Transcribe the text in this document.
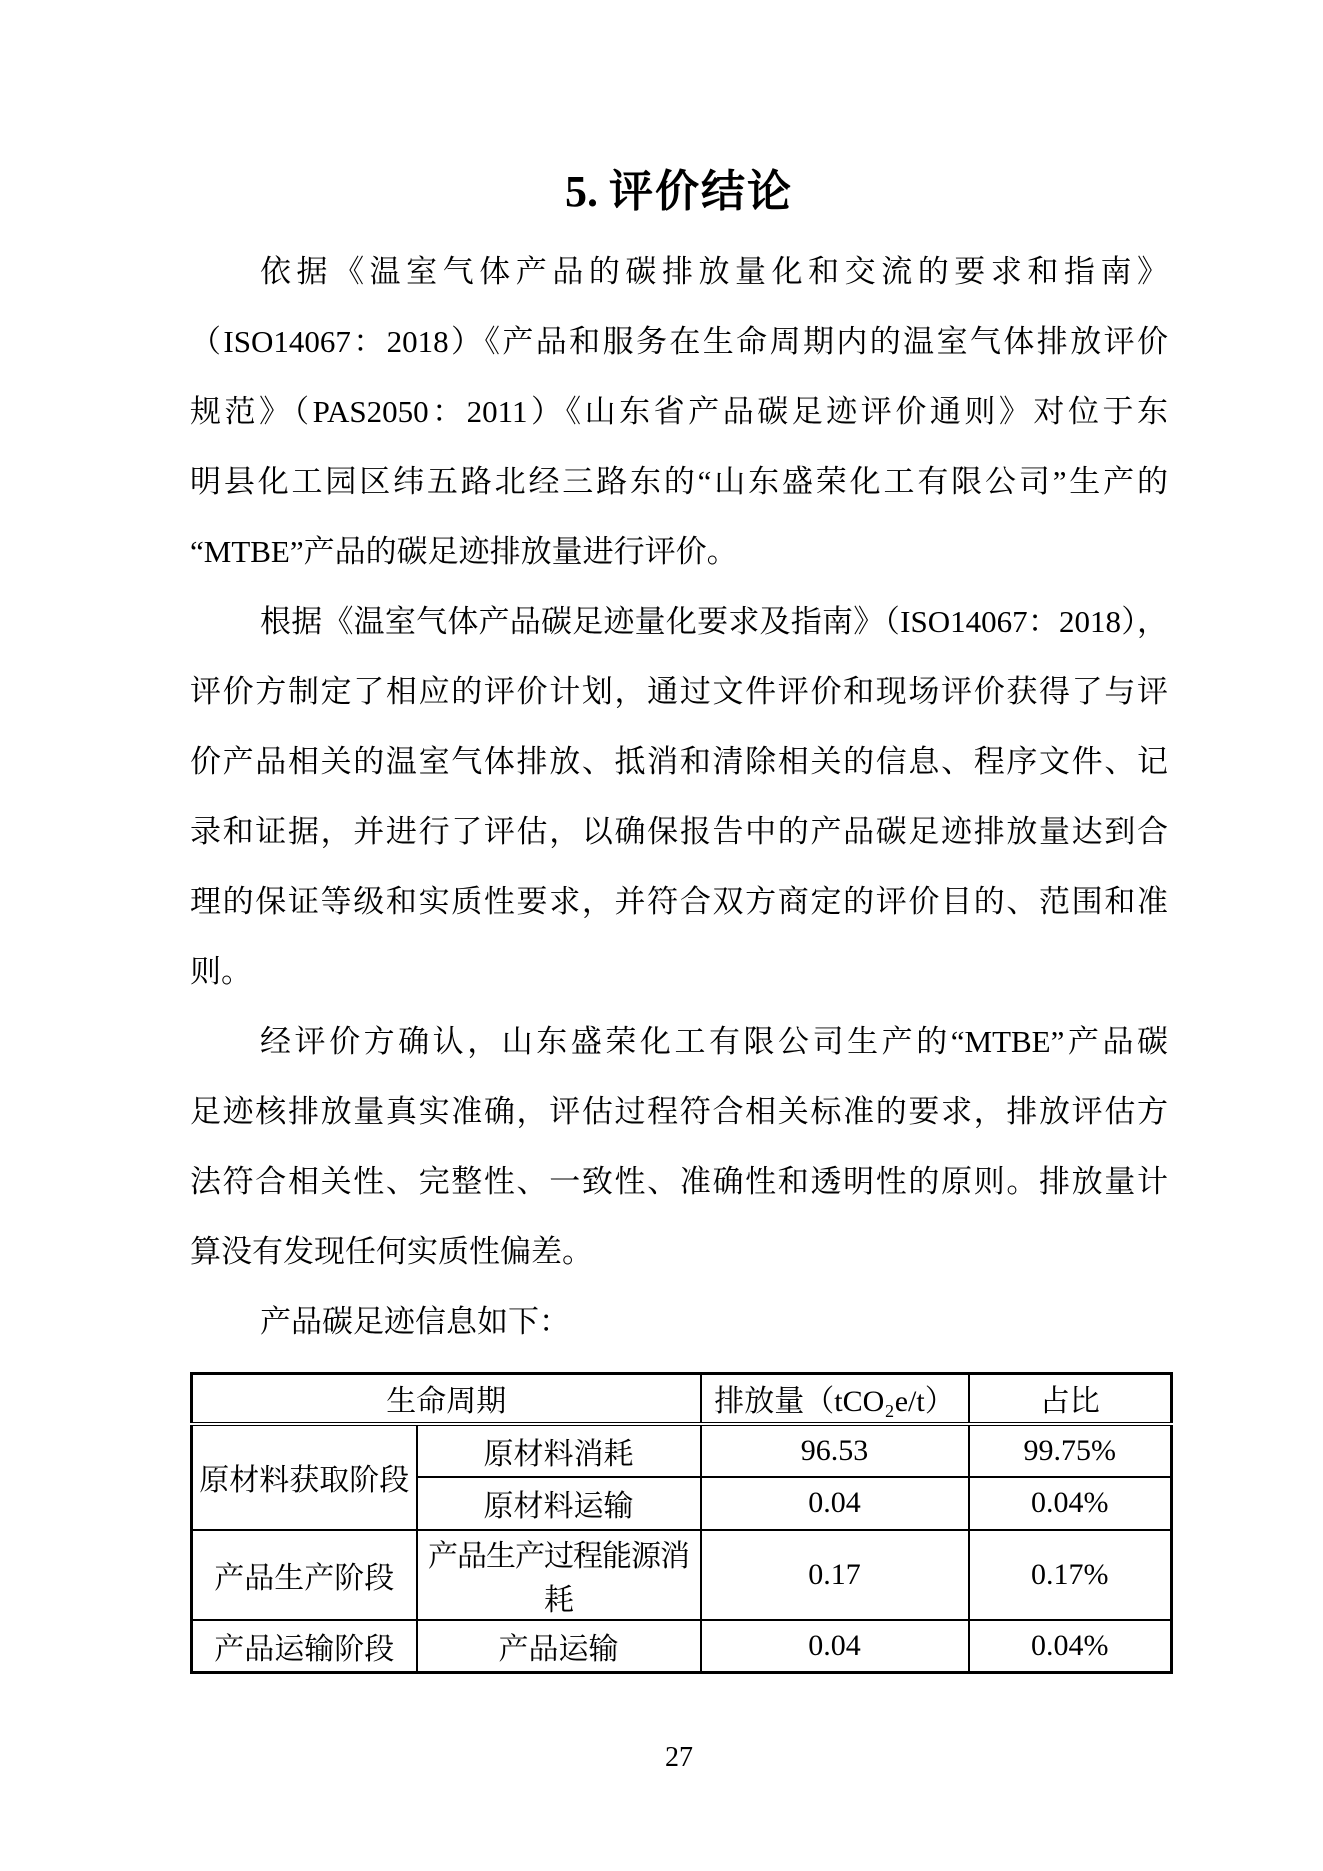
5. 评价结论
依据《温室气体产品的碳排放量化和交流的要求和指南》
（ISO14067：2018）《产品和服务在生命周期内的温室气体排放评价
规范》（PAS2050：2011）《山东省产品碳足迹评价通则》对位于东
明县化工园区纬五路北经三路东的“山东盛荣化工有限公司”生产的
“MTBE”产品的碳足迹排放量进行评价。
根据《温室气体产品碳足迹量化要求及指南》（ISO14067：2018），
评价方制定了相应的评价计划，通过文件评价和现场评价获得了与评
价产品相关的温室气体排放、抵消和清除相关的信息、程序文件、记
录和证据，并进行了评估，以确保报告中的产品碳足迹排放量达到合
理的保证等级和实质性要求，并符合双方商定的评价目的、范围和准
则。
经评价方确认，山东盛荣化工有限公司生产的“MTBE”产品碳
足迹核排放量真实准确，评估过程符合相关标准的要求，排放评估方
法符合相关性、完整性、一致性、准确性和透明性的原则。排放量计
算没有发现任何实质性偏差。
产品碳足迹信息如下：
生命周期		排放量（tCO₂e/t）	占比
原材料获取阶段	原材料消耗	96.53	99.75%
	原材料运输	0.04	0.04%
产品生产阶段	产品生产过程能源消耗	0.17	0.17%
产品运输阶段	产品运输	0.04	0.04%
27
